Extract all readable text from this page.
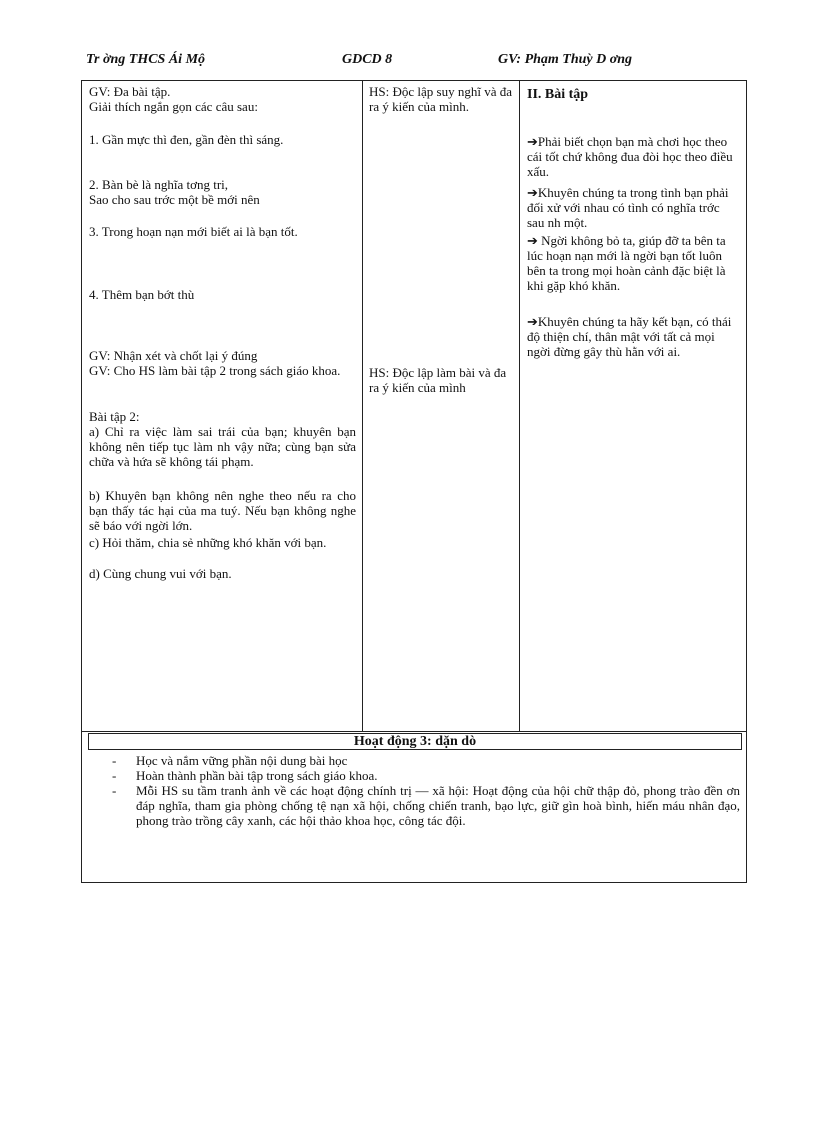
Tr ờng THCS Ái Mộ	GDCD 8	GV: Phạm Thuỳ D ơng
GV: Đa bài tập.
Giải thích ngắn gọn các câu sau:
1. Gần mực thì đen, gần đèn thì sáng.
2. Bàn bè là nghĩa tơng tri,
Sao cho sau trớc một bề mới nên
3. Trong hoạn nạn mới biết ai là bạn tốt.
4. Thêm bạn bớt thù
GV: Nhận xét và chốt lại ý đúng
GV: Cho HS làm bài tập 2 trong sách giáo khoa.
Bài tập 2:
a) Chỉ ra việc làm sai trái của bạn; khuyên bạn không nên tiếp tục làm nh vậy nữa; cùng bạn sửa chữa và hứa sẽ không tái phạm.
b) Khuyên bạn không nên nghe theo nếu ra cho bạn thấy tác hại của ma tuý. Nếu bạn không nghe sẽ báo với ngời lớn.
c) Hỏi thăm, chia sẻ những khó khăn với bạn.
d) Cùng chung vui với bạn.
HS: Độc lập suy nghĩ và đa ra ý kiến của mình.
HS: Độc lập làm bài và đa ra ý kiến của mình
II. Bài tập
➔Phải biết chọn bạn mà chơi học theo cái tốt chứ không đua đòi học theo điều xấu.
➔Khuyên chúng ta trong tình bạn phải đối xử với nhau có tình có nghĩa trớc sau nh một.
➔ Ngời không bỏ ta, giúp đỡ ta bên ta lúc hoạn nạn mới là ngời bạn tốt luôn bên ta trong mọi hoàn cảnh đặc biệt là khi gặp khó khăn.
➔Khuyên chúng ta hãy kết bạn, có thái độ thiện chí, thân mật với tất cả mọi ngời đừng gây thù hằn với ai.
Hoạt động 3: dặn dò
- Học và nắm vững phần nội dung bài học
- Hoàn thành phần bài tập trong sách giáo khoa.
- Mỗi HS su tầm tranh ảnh về các hoạt động chính trị — xã hội: Hoạt động của hội chữ thập đỏ, phong trào đền ơn đáp nghĩa, tham gia phòng chống tệ nạn xã hội, chống chiến tranh, bạo lực, giữ gìn hoà bình, hiến máu nhân đạo, phong trào trồng cây xanh, các hội thảo khoa học, công tác đội.
